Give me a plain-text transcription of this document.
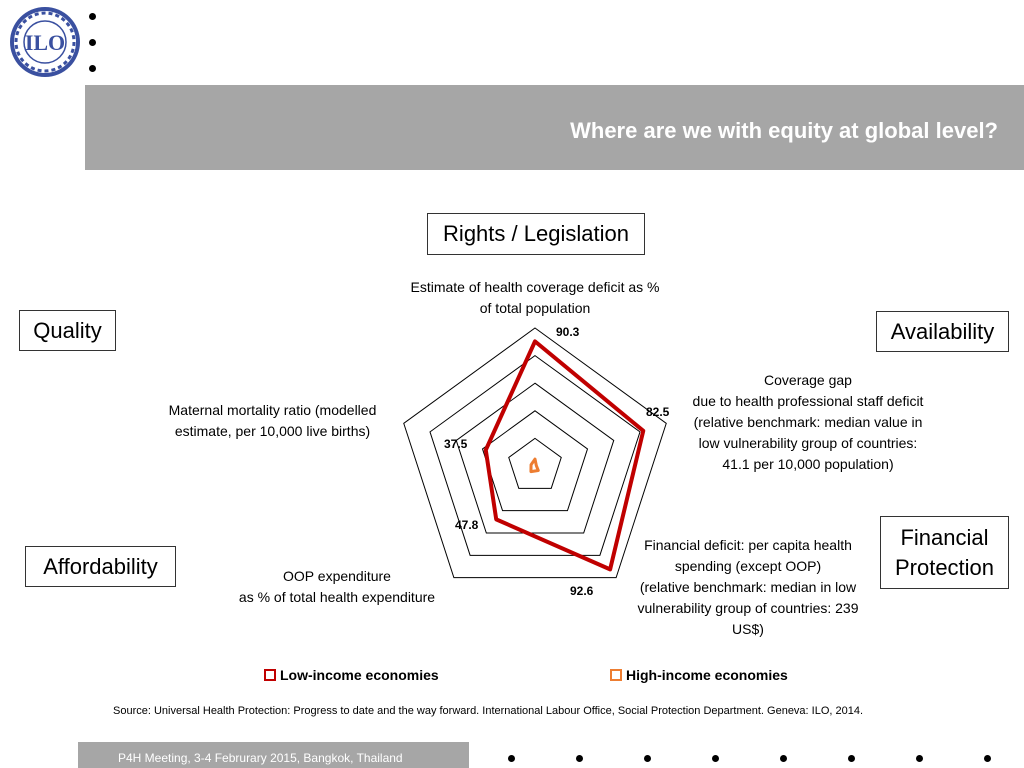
ILO
Where are we with equity at global level?
Rights / Legislation
Quality	Availability
Affordability
Financial
Protection
Estimate of health coverage deficit as %
of total population
Coverage gap
due to health professional staff deficit
(relative benchmark: median value in
low vulnerability group of countries:
41.1 per 10,000 population)
Financial deficit: per capita health
spending (except OOP)
(relative benchmark: median in low
vulnerability group of countries: 239
US$)
OOP expenditure
as % of total health expenditure
Maternal mortality ratio (modelled
estimate, per 10,000 live births)
90.3
82.5
92.6
47.8
37.5
Low-income economies	High-income economies
Source: Universal Health Protection: Progress to date and the way forward. International Labour Office, Social Protection Department. Geneva: ILO, 2014.
P4H Meeting, 3-4 Februrary 2015, Bangkok, Thailand
